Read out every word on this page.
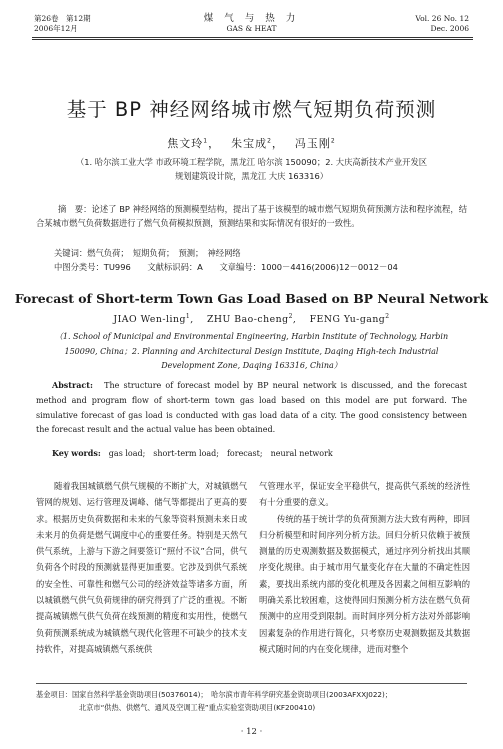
第26卷　第12期
2006年12月
煤 气 与 热 力
GAS & HEAT
Vol. 26 No. 12
Dec. 2006
基于 BP 神经网络城市燃气短期负荷预测
焦文玲$^1$，　 朱宝成$^2$，　 冯玉刚$^2$
（1. 哈尔滨工业大学 市政环境工程学院，黑龙江 哈尔滨 150090；2. 大庆高新技术产业开发区
规划建筑设计院，黑龙江 大庆 163316）
摘　要：论述了 BP 神经网络的预测模型结构，提出了基于该模型的城市燃气短期负荷预测方法和程序流程，结合某城市燃气负荷数据进行了燃气负荷模拟预测，预测结果和实际情况有很好的一致性。
关键词：燃气负荷；　短期负荷；　预测；　神经网络
中图分类号：TU996　　 文献标识码：A　　 文章编号：1000－4416(2006)12－0012－04
Forecast of Short-term Town Gas Load Based on BP Neural Network
JIAO Wen-ling$^1$,　 ZHU Bao-cheng$^2$,　 FENG Yu-gang$^2$
（1. School of Municipal and Environmental Engineering, Harbin Institute of Technology, Harbin
150090, China；2. Planning and Architectural Design Institute, Daqing High-tech Industrial
Development Zone, Daqing 163316, China）
Abstract:　 The structure of forecast model by BP neural network is discussed, and the forecast method and program flow of short-term town gas load based on this model are put forward. The simulative forecast of gas load is conducted with gas load data of a city. The good consistency between the forecast result and the actual value has been obtained.
Key words:　 gas load;　short-term load;　forecast;　neural network
随着我国城镇燃气供气规模的不断扩大，对城镇燃气管网的规划、运行管理及调峰、储气等都提出了更高的要求。根据历史负荷数据和未来的气象等资料预测未来日或未来月的负荷是燃气调度中心的重要任务。特别是天然气供气系统，上游与下游之间要签订“照付不议”合同，供气负荷各个时段的预测就显得更加重要。它涉及到供气系统的安全性、可靠性和燃气公司的经济效益等诸多方面，所以城镇燃气供气负荷规律的研究得到了广泛的重视。不断提高城镇燃气供气负荷在线预测的精度和实用性，使燃气负荷预测系统成为城镇燃气现代化管理不可缺少的技术支持软件，对提高城镇燃气系统供
气管理水平，保证安全平稳供气，提高供气系统的经济性有十分重要的意义。
传统的基于统计学的负荷预测方法大致有两种，即回归分析模型和时间序列分析方法。回归分析只依赖于被预测量的历史观测数据及数据模式，通过序列分析找出其顺序变化规律。由于城市用气量变化存在大量的不确定性因素，要找出系统内部的变化机理及各因素之间相互影响的明确关系比较困难，这使得回归预测分析方法在燃气负荷预测中的应用受到限制。而时间序列分析方法对外部影响因素复杂的作用进行简化，只考察历史观测数据及其数据模式随时间的内在变化规律，进而对整个
基金项目：国家自然科学基金资助项目(50376014)；　哈尔滨市青年科学研究基金资助项目(2003AFXXJ022)；
北京市“供热、供燃气、通风及空调工程”重点实验室资助项目(KF200410)
· 12 ·
